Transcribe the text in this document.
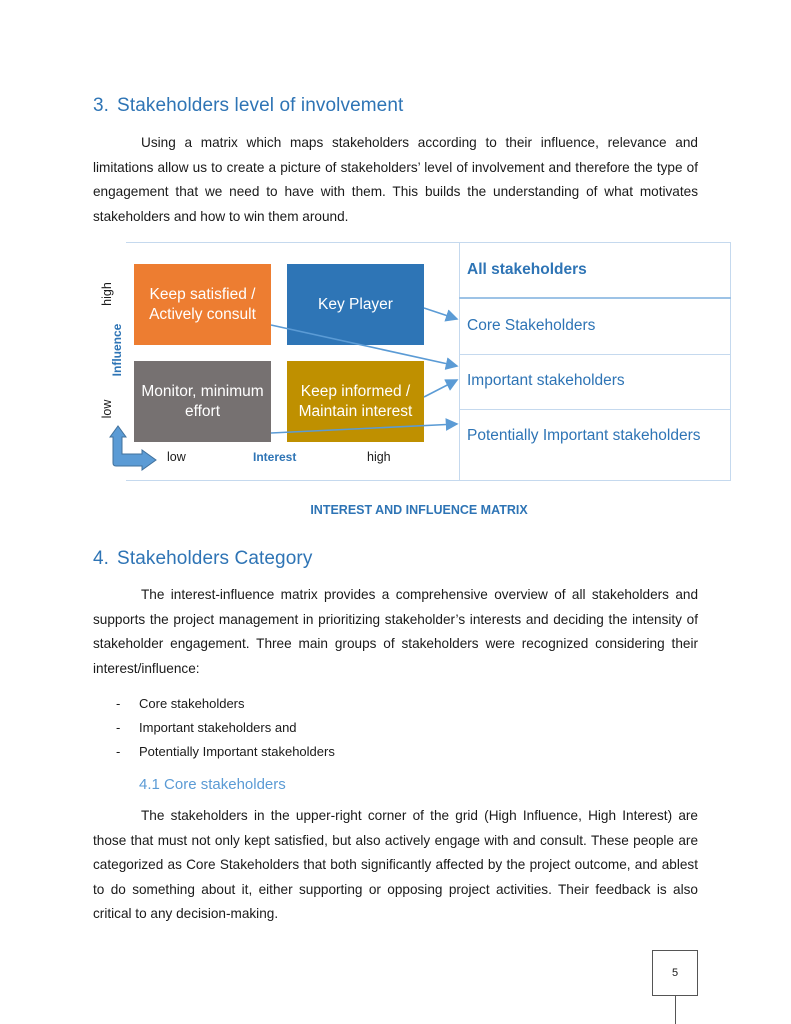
3. Stakeholders level of involvement
Using a matrix which maps stakeholders according to their influence, relevance and limitations allow us to create a picture of stakeholders’ level of involvement and therefore the type of engagement that we need to have with them. This builds the understanding of what motivates stakeholders and how to win them around.
Keep satisfied / Actively consult
Key Player
Monitor, minimum effort
Keep informed / Maintain interest
high
Influence
low
low	Interest	high
All stakeholders
Core Stakeholders
Important stakeholders
Potentially Important stakeholders
INTEREST AND INFLUENCE MATRIX
4. Stakeholders Category
The interest-influence matrix provides a comprehensive overview of all stakeholders and supports the project management in prioritizing stakeholder’s interests and deciding the intensity of stakeholder engagement. Three main groups of stakeholders were recognized considering their interest/influence:
-	Core stakeholders
-	Important stakeholders and
-	Potentially Important stakeholders
4.1 Core stakeholders
The stakeholders in the upper-right corner of the grid (High Influence, High Interest) are those that must not only kept satisfied, but also actively engage with and consult. These people are categorized as Core Stakeholders that both significantly affected by the project outcome, and ablest to do something about it, either supporting or opposing project activities. Their feedback is also critical to any decision-making.
5
